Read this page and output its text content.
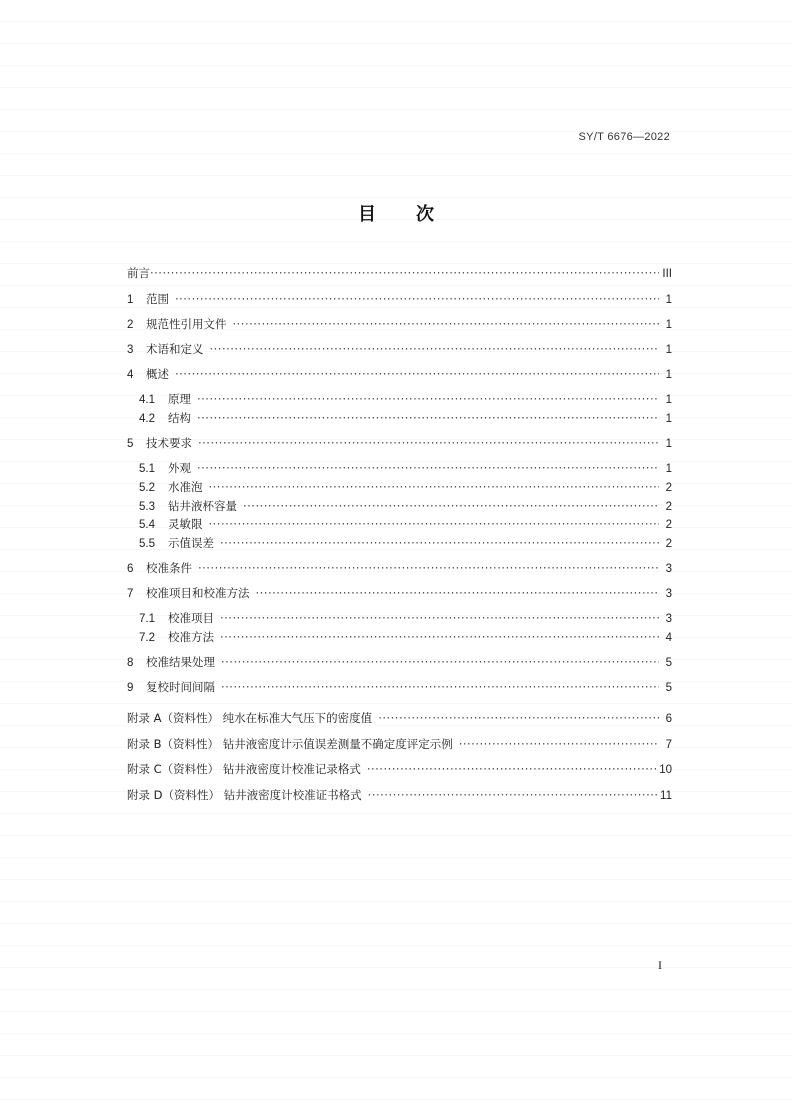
SY/T 6676—2022
目 次
前言 ·····	III
1	范围 ·····	1
2	规范性引用文件 ·····	1
3	术语和定义 ·····	1
4	概述 ·····	1
4.1	原理 ·····	1
4.2	结构 ·····	1
5	技术要求 ·····	1
5.1	外观 ·····	1
5.2	水准泡 ·····	2
5.3	钻井液杯容量 ·····	2
5.4	灵敏限 ·····	2
5.5	示值误差 ·····	2
6	校准条件 ·····	3
7	校准项目和校准方法 ·····	3
7.1	校准项目 ·····	3
7.2	校准方法 ·····	4
8	校准结果处理 ·····	5
9	复校时间间隔 ·····	5
附录 A（资料性） 纯水在标准大气压下的密度值 ·····	6
附录 B（资料性） 钻井液密度计示值误差测量不确定度评定示例 ·····	7
附录 C（资料性） 钻井液密度计校准记录格式 ·····	10
附录 D（资料性） 钻井液密度计校准证书格式 ·····	11
I
